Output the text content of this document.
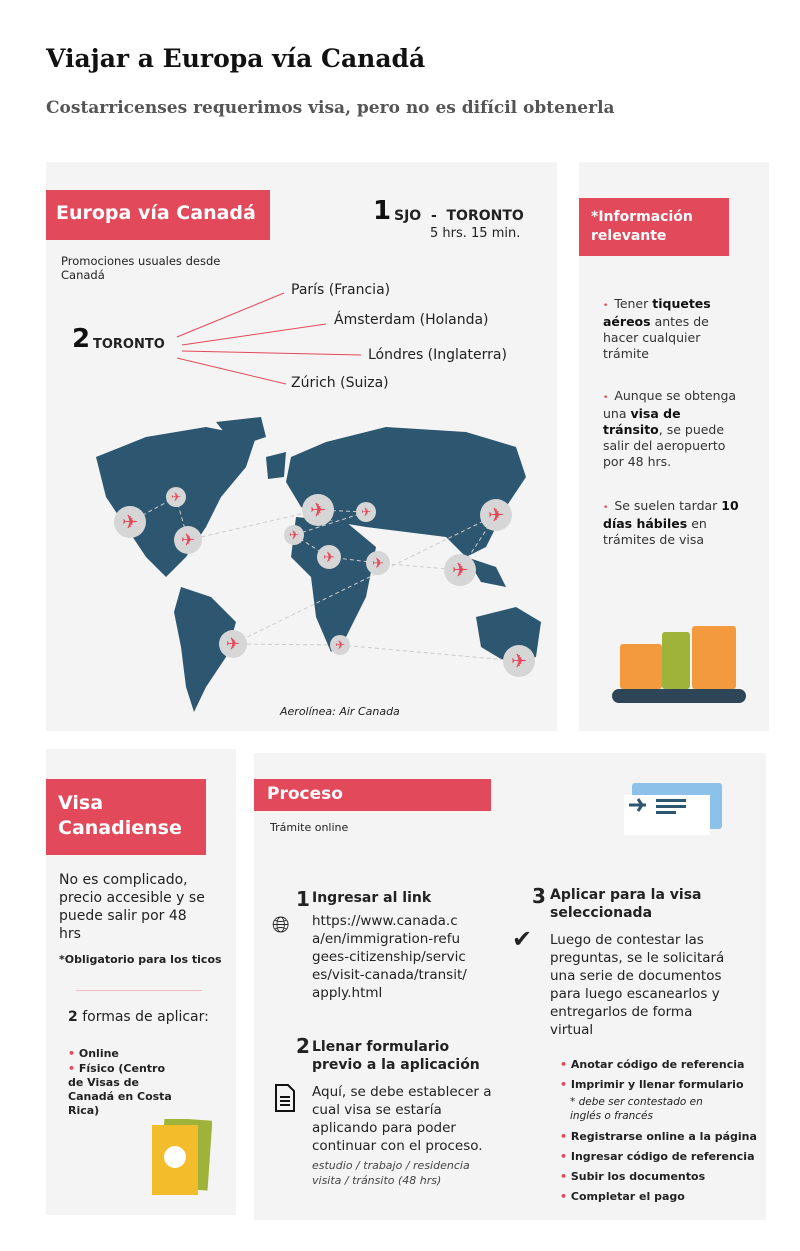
Viajar a Europa vía Canadá
Costarricenses requerimos visa, pero no es difícil obtenerla
Europa vía Canadá	1 SJO  -  TORONTO
5 hrs. 15 min.
Promociones usuales desde Canadá
2 TORONTO
París (Francia)
Ámsterdam (Holanda)
Lóndres (Inglaterra)
Zúrich (Suiza)
✈
✈
✈
✈	✈
✈
✈	✈	✈
✈
✈	✈
✈
Aerolínea: Air Canada
*Información relevante
• Tener tiquetes aéreos antes de hacer cualquier trámite
• Aunque se obtenga una visa de tránsito, se puede salir del aeropuerto por 48 hrs.
• Se suelen tardar 10 días hábiles en trámites de visa
Visa Canadiense
No es complicado, precio accesible y se puede salir por 48 hrs
*Obligatorio para los ticos
2 formas de aplicar:
• Online
• Físico (Centro de Visas de Canadá en Costa Rica)
Proceso
Trámite online
1 Ingresar al link
🌐︎ https://www.canada.ca/en/immigration-refugees-citizenship/services/visit-canada/transit/apply.html
2 Llenar formulario previo a la aplicación
Aquí, se debe establecer a cual visa se estaría aplicando para poder continuar con el proceso.
estudio / trabajo / residencia visita / tránsito (48 hrs)
3 Aplicar para la visa seleccionada
✔ Luego de contestar las preguntas, se le solicitará una serie de documentos para luego escanearlos y entregarlos de forma virtual
• Anotar código de referencia
• Imprimir y llenar formulario
* debe ser contestado en inglés o francés
• Registrarse online a la página
• Ingresar código de referencia
• Subir los documentos
• Completar el pago
